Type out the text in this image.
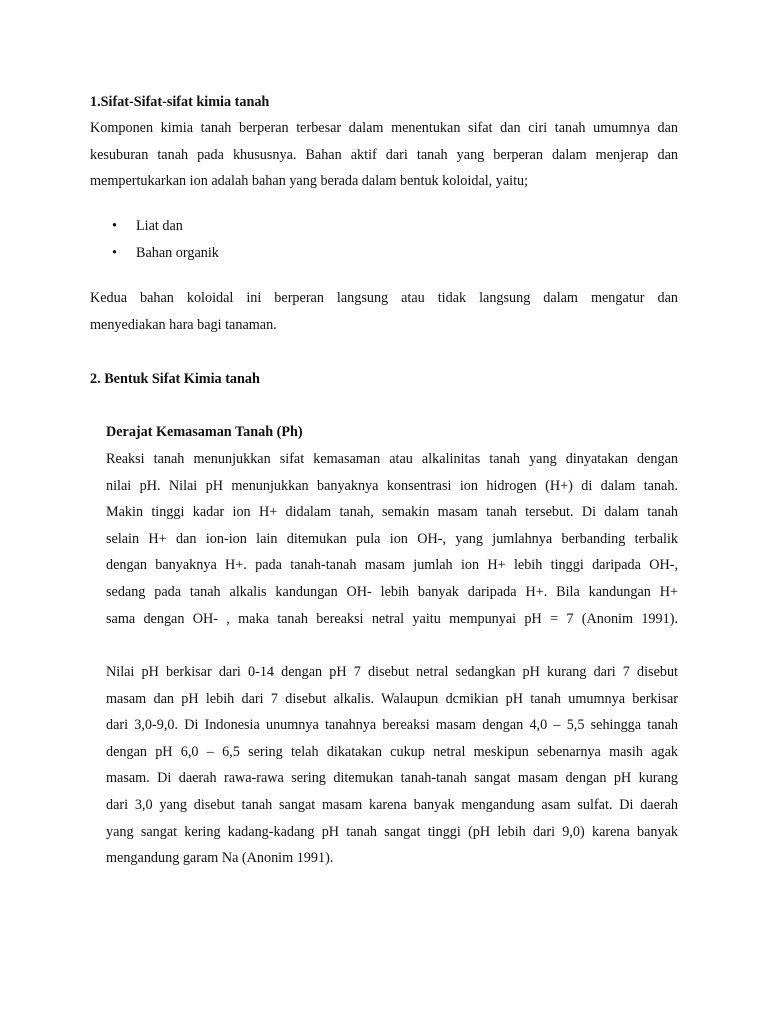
1.Sifat-Sifat-sifat kimia tanah
Komponen kimia tanah berperan terbesar dalam menentukan sifat dan ciri tanah umumnya dan
kesuburan tanah pada khususnya. Bahan aktif dari tanah yang berperan dalam menjerap dan
mempertukarkan ion adalah bahan yang berada dalam bentuk koloidal, yaitu;
• Liat dan
• Bahan organik
Kedua bahan koloidal ini berperan langsung atau tidak langsung dalam mengatur dan
menyediakan hara bagi tanaman.
2. Bentuk Sifat Kimia tanah
Derajat Kemasaman Tanah (Ph)
Reaksi tanah menunjukkan sifat kemasaman atau alkalinitas tanah yang dinyatakan dengan
nilai pH. Nilai pH menunjukkan banyaknya konsentrasi ion hidrogen (H+) di dalam tanah.
Makin tinggi kadar ion H+ didalam tanah, semakin masam tanah tersebut. Di dalam tanah
selain H+ dan ion-ion lain ditemukan pula ion OH-, yang jumlahnya berbanding terbalik
dengan banyaknya H+. pada tanah-tanah masam jumlah ion H+ lebih tinggi daripada OH-,
sedang pada tanah alkalis kandungan OH- lebih banyak daripada H+. Bila kandungan H+
sama dengan OH- , maka tanah bereaksi netral yaitu mempunyai pH = 7 (Anonim 1991).
Nilai pH berkisar dari 0-14 dengan pH 7 disebut netral sedangkan pH kurang dari 7 disebut
masam dan pH lebih dari 7 disebut alkalis. Walaupun dcmikian pH tanah umumnya berkisar
dari 3,0-9,0. Di Indonesia unumnya tanahnya bereaksi masam dengan 4,0 – 5,5 sehingga tanah
dengan pH 6,0 – 6,5 sering telah dikatakan cukup netral meskipun sebenarnya masih agak
masam. Di daerah rawa-rawa sering ditemukan tanah-tanah sangat masam dengan pH kurang
dari 3,0 yang disebut tanah sangat masam karena banyak mengandung asam sulfat. Di daerah
yang sangat kering kadang-kadang pH tanah sangat tinggi (pH lebih dari 9,0) karena banyak
mengandung garam Na (Anonim 1991).
